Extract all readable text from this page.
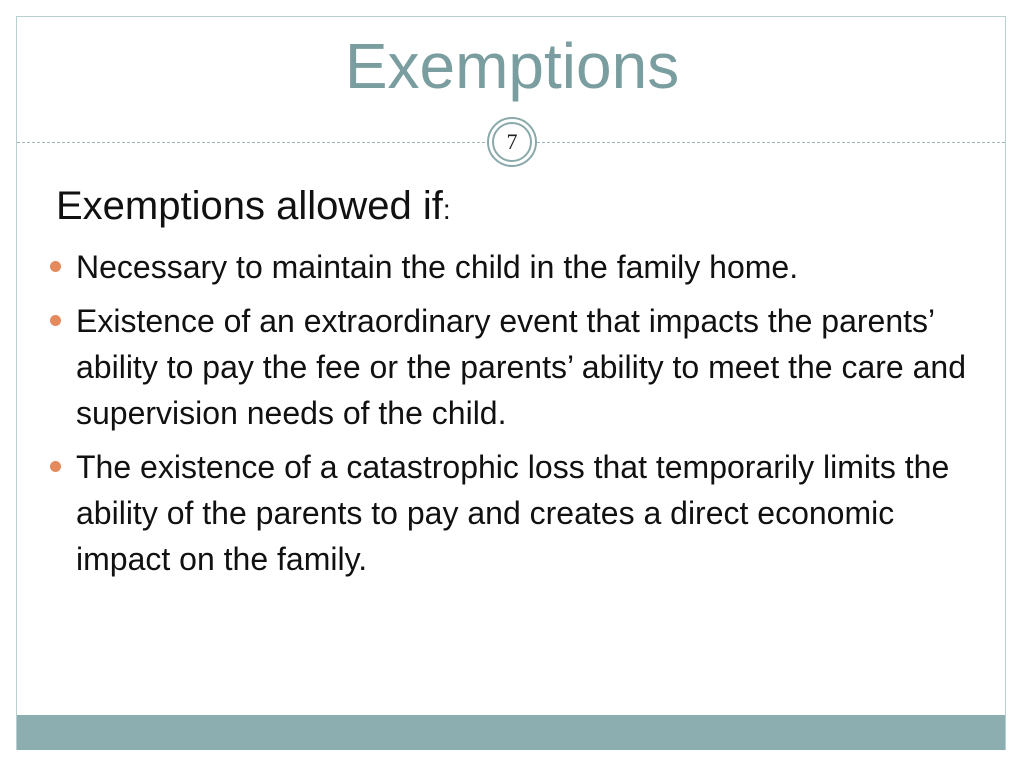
Exemptions
7
Exemptions allowed if:
Necessary to maintain the child in the family home.
Existence of an extraordinary event that impacts the parents’ ability to pay the fee or the parents’ ability to meet the care and supervision needs of the child.
The existence of a catastrophic loss that temporarily limits the ability of the parents to pay and creates a direct economic impact on the family.
